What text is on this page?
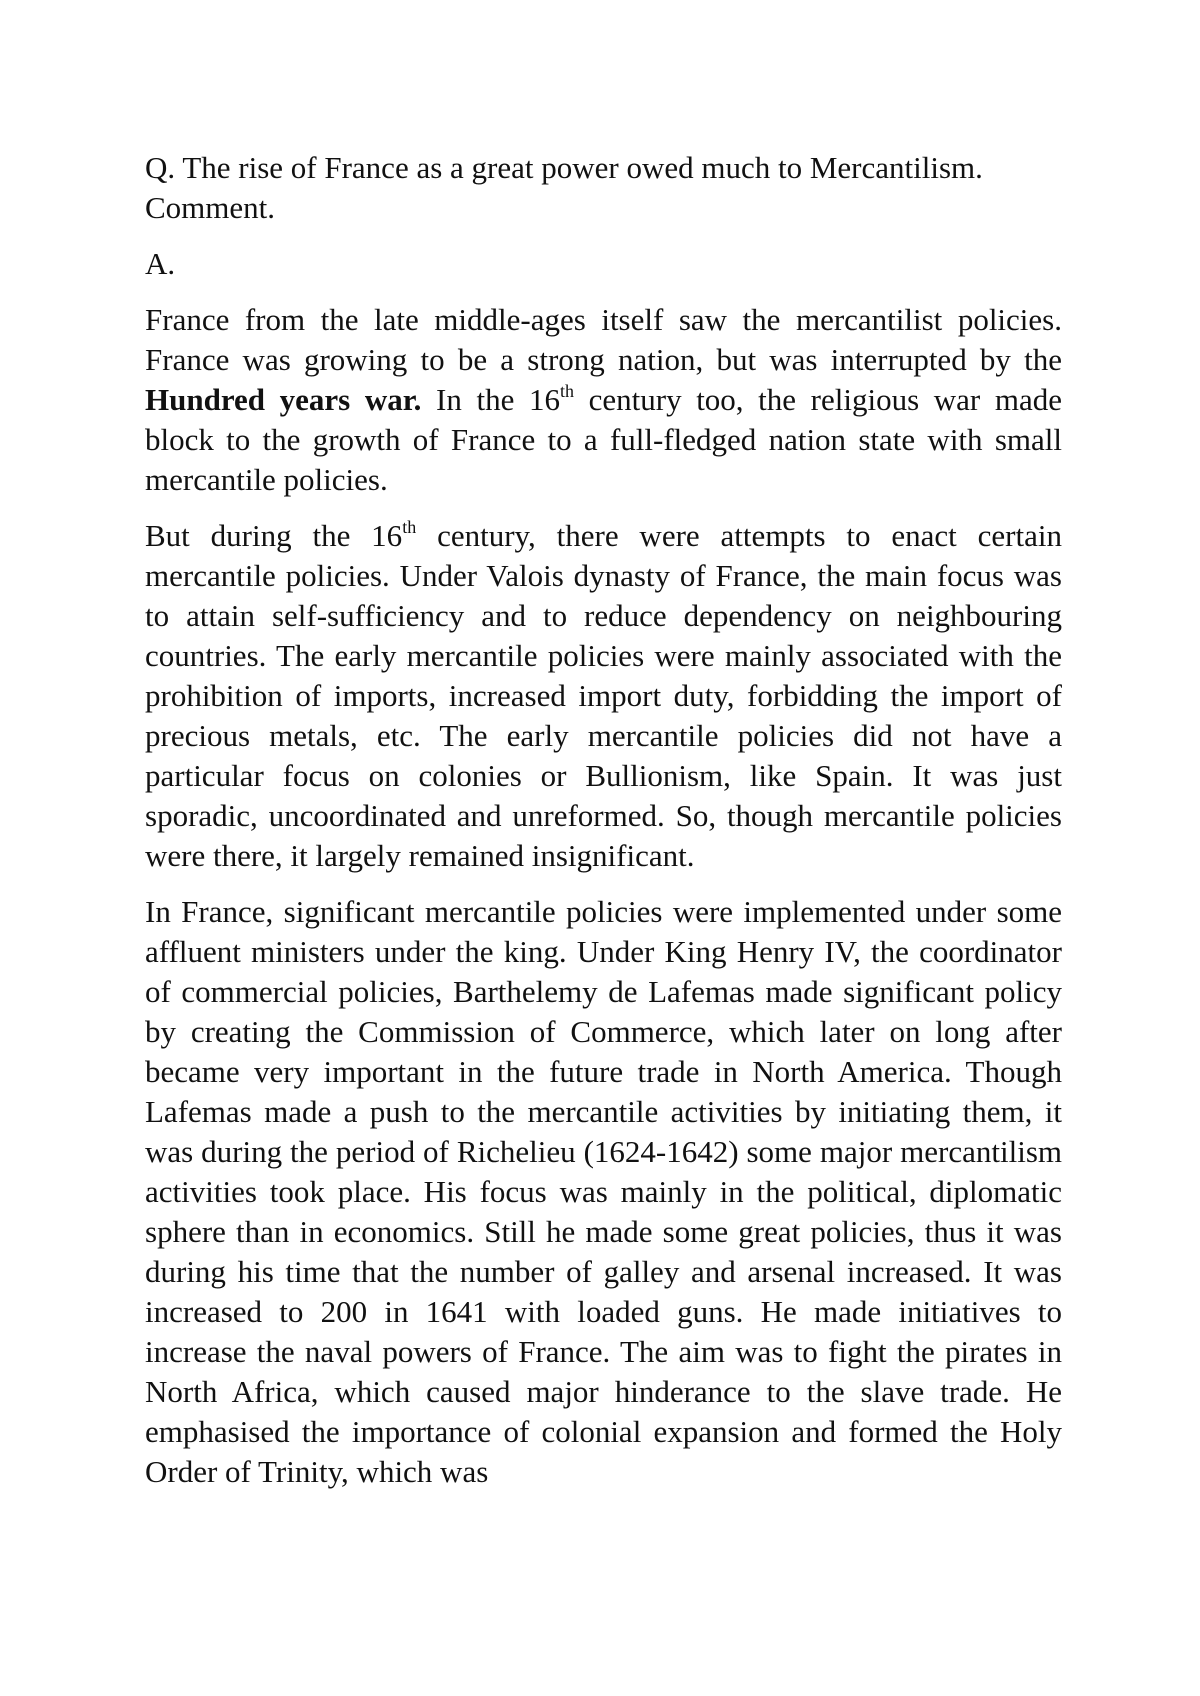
Q. The rise of France as a great power owed much to Mercantilism. Comment.

A.

France from the late middle-ages itself saw the mercantilist policies. France was growing to be a strong nation, but was interrupted by the Hundred years war. In the 16th century too, the religious war made block to the growth of France to a full-fledged nation state with small mercantile policies.

But during the 16th century, there were attempts to enact certain mercantile policies. Under Valois dynasty of France, the main focus was to attain self-sufficiency and to reduce dependency on neighbouring countries. The early mercantile policies were mainly associated with the prohibition of imports, increased import duty, forbidding the import of precious metals, etc. The early mercantile policies did not have a particular focus on colonies or Bullionism, like Spain. It was just sporadic, uncoordinated and unreformed. So, though mercantile policies were there, it largely remained insignificant.

In France, significant mercantile policies were implemented under some affluent ministers under the king. Under King Henry IV, the coordinator of commercial policies, Barthelemy de Lafemas made significant policy by creating the Commission of Commerce, which later on long after became very important in the future trade in North America. Though Lafemas made a push to the mercantile activities by initiating them, it was during the period of Richelieu (1624-1642) some major mercantilism activities took place. His focus was mainly in the political, diplomatic sphere than in economics. Still he made some great policies, thus it was during his time that the number of galley and arsenal increased. It was increased to 200 in 1641 with loaded guns. He made initiatives to increase the naval powers of France. The aim was to fight the pirates in North Africa, which caused major hinderance to the slave trade. He emphasised the importance of colonial expansion and formed the Holy Order of Trinity, which was
